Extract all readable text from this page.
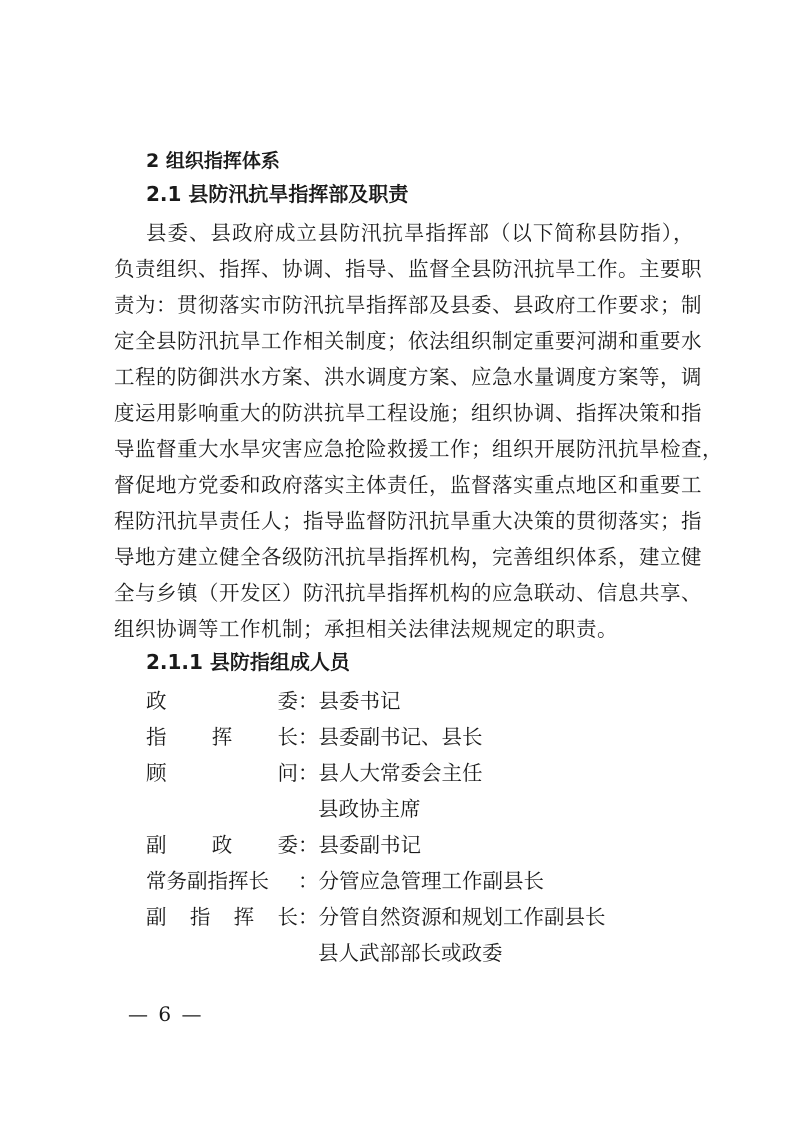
2 组织指挥体系
2.1 县防汛抗旱指挥部及职责
县委、县政府成立县防汛抗旱指挥部（以下简称县防指），
负责组织、指挥、协调、指导、监督全县防汛抗旱工作。主要职
责为：贯彻落实市防汛抗旱指挥部及县委、县政府工作要求；制
定全县防汛抗旱工作相关制度；依法组织制定重要河湖和重要水
工程的防御洪水方案、洪水调度方案、应急水量调度方案等，调
度运用影响重大的防洪抗旱工程设施；组织协调、指挥决策和指
导监督重大水旱灾害应急抢险救援工作；组织开展防汛抗旱检查，
督促地方党委和政府落实主体责任，监督落实重点地区和重要工
程防汛抗旱责任人；指导监督防汛抗旱重大决策的贯彻落实；指
导地方建立健全各级防汛抗旱指挥机构，完善组织体系，建立健
全与乡镇（开发区）防汛抗旱指挥机构的应急联动、信息共享、
组织协调等工作机制；承担相关法律法规规定的职责。
2.1.1 县防指组成人员
政	委 ：县委书记
指 挥 长 ：县委副书记、县长
顾	问 ：县人大常委会主任
县政协主席
副 政 委 ：县委副书记
常务副指挥长 ：分管应急管理工作副县长
副 指 挥 长 ：分管自然资源和规划工作副县长
县人武部部长或政委
— 6 —
